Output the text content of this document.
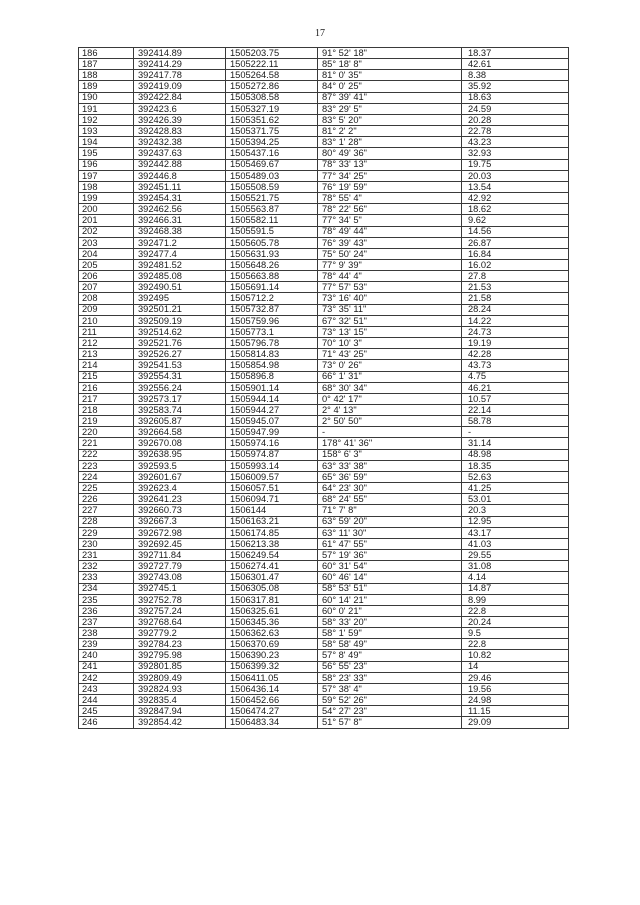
17
186	392414.89	1505203.75	91° 52' 18"	18.37
187	392414.29	1505222.11	85° 18' 8"	42.61
188	392417.78	1505264.58	81° 0' 35"	8.38
189	392419.09	1505272.86	84° 0' 25"	35.92
190	392422.84	1505308.58	87° 39' 41"	18.63
191	392423.6	1505327.19	83° 29' 5"	24.59
192	392426.39	1505351.62	83° 5' 20"	20.28
193	392428.83	1505371.75	81° 2' 2"	22.78
194	392432.38	1505394.25	83° 1' 28"	43.23
195	392437.63	1505437.16	80° 49' 36"	32.93
196	392442.88	1505469.67	78° 33' 13"	19.75
197	392446.8	1505489.03	77° 34' 25"	20.03
198	392451.11	1505508.59	76° 19' 59"	13.54
199	392454.31	1505521.75	78° 55' 4"	42.92
200	392462.56	1505563.87	78° 22' 56"	18.62
201	392466.31	1505582.11	77° 34' 5"	9.62
202	392468.38	1505591.5	78° 49' 44"	14.56
203	392471.2	1505605.78	76° 39' 43"	26.87
204	392477.4	1505631.93	75° 50' 24"	16.84
205	392481.52	1505648.26	77° 9' 39"	16.02
206	392485.08	1505663.88	78° 44' 4"	27.8
207	392490.51	1505691.14	77° 57' 53"	21.53
208	392495	1505712.2	73° 16' 40"	21.58
209	392501.21	1505732.87	73° 35' 11"	28.24
210	392509.19	1505759.96	67° 32' 51"	14.22
211	392514.62	1505773.1	73° 13' 15"	24.73
212	392521.76	1505796.78	70° 10' 3"	19.19
213	392526.27	1505814.83	71° 43' 25"	42.28
214	392541.53	1505854.98	73° 0' 26"	43.73
215	392554.31	1505896.8	66° 1' 31"	4.75
216	392556.24	1505901.14	68° 30' 34"	46.21
217	392573.17	1505944.14	0° 42' 17"	10.57
218	392583.74	1505944.27	2° 4' 13"	22.14
219	392605.87	1505945.07	2° 50' 50"	58.78
220	392664.58	1505947.99	-	-
221	392670.08	1505974.16	178° 41' 36"	31.14
222	392638.95	1505974.87	158° 6' 3"	48.98
223	392593.5	1505993.14	63° 33' 38"	18.35
224	392601.67	1506009.57	65° 36' 59"	52.63
225	392623.4	1506057.51	64° 23' 30"	41.25
226	392641.23	1506094.71	68° 24' 55"	53.01
227	392660.73	1506144	71° 7' 8"	20.3
228	392667.3	1506163.21	63° 59' 20"	12.95
229	392672.98	1506174.85	63° 11' 30"	43.17
230	392692.45	1506213.38	61° 47' 55"	41.03
231	392711.84	1506249.54	57° 19' 36"	29.55
232	392727.79	1506274.41	60° 31' 54"	31.08
233	392743.08	1506301.47	60° 46' 14"	4.14
234	392745.1	1506305.08	58° 53' 51"	14.87
235	392752.78	1506317.81	60° 14' 21"	8.99
236	392757.24	1506325.61	60° 0' 21"	22.8
237	392768.64	1506345.36	58° 33' 20"	20.24
238	392779.2	1506362.63	58° 1' 59"	9.5
239	392784.23	1506370.69	58° 58' 49"	22.8
240	392795.98	1506390.23	57° 8' 49"	10.82
241	392801.85	1506399.32	56° 55' 23"	14
242	392809.49	1506411.05	58° 23' 33"	29.46
243	392824.93	1506436.14	57° 38' 4"	19.56
244	392835.4	1506452.66	59° 52' 26"	24.98
245	392847.94	1506474.27	54° 27' 23"	11.15
246	392854.42	1506483.34	51° 57' 8"	29.09
